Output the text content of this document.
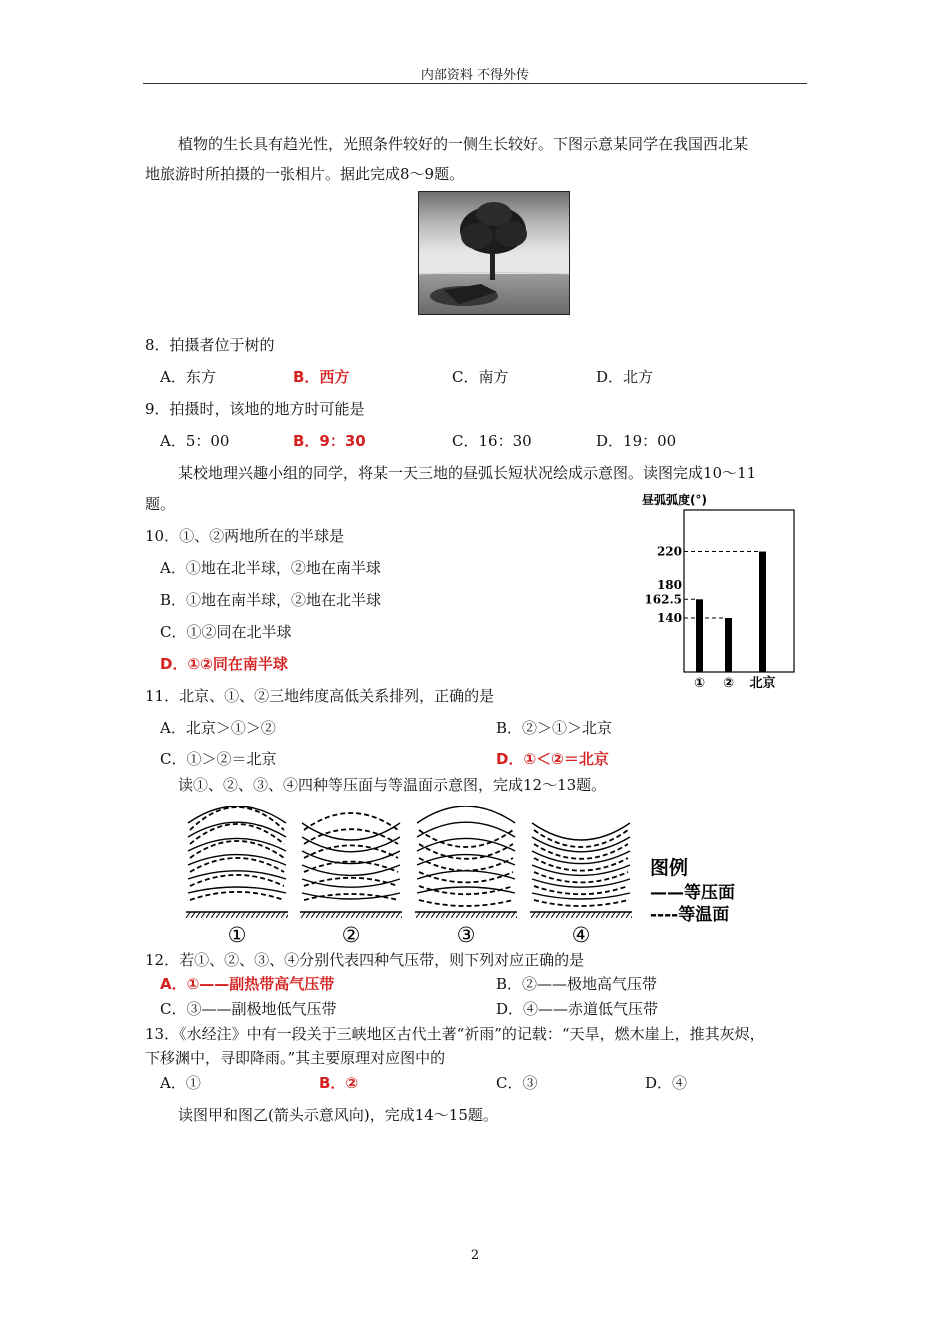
内部资料 不得外传
植物的生长具有趋光性，光照条件较好的一侧生长较好。下图示意某同学在我国西北某
地旅游时所拍摄的一张相片。据此完成8～9题。
8．拍摄者位于树的
A．东方	B．西方	C．南方	D．北方
9．拍摄时，该地的地方时可能是
A．5：00	B．9：30	C．16：30	D．19：00
某校地理兴趣小组的同学，将某一天三地的昼弧长短状况绘成示意图。读图完成10～11
题。
10．①、②两地所在的半球是
A．①地在北半球，②地在南半球
B．①地在南半球，②地在北半球
C．①②同在北半球
D．①②同在南半球
昼弧弧度(°)
220
180
162.5
140
① ② 北京
11．北京、①、②三地纬度高低关系排列，正确的是
A．北京＞①＞②	B．②＞①＞北京
C．①＞②＝北京	D．①＜②＝北京
读①、②、③、④四种等压面与等温面示意图，完成12～13题。
①	②	③	④
图例
——等压面
----等温面
12．若①、②、③、④分别代表四种气压带，则下列对应正确的是
A．①——副热带高气压带	B．②——极地高气压带
C．③——副极地低气压带	D．④——赤道低气压带
13．《水经注》中有一段关于三峡地区古代土著“祈雨”的记载：“天旱，燃木崖上，推其灰烬，
下移渊中，寻即降雨。”其主要原理对应图中的
A．①	B．②	C．③	D．④
读图甲和图乙(箭头示意风向)，完成14～15题。
2
